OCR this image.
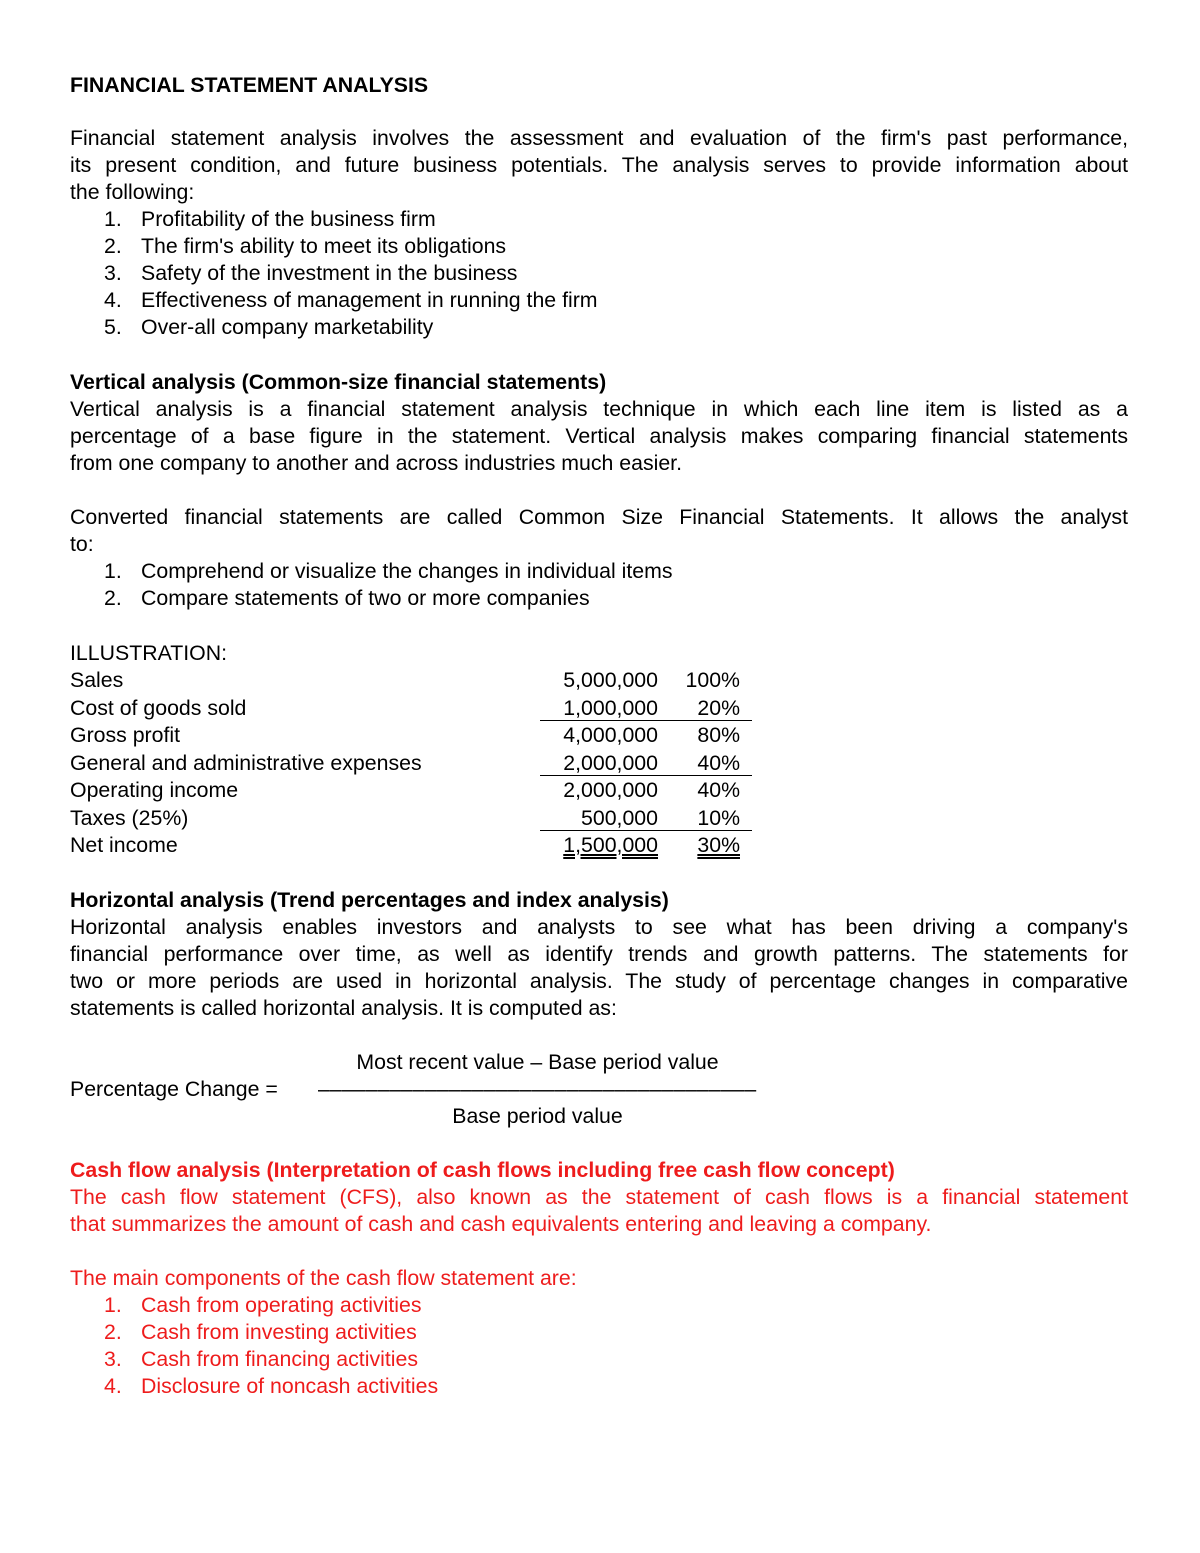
FINANCIAL STATEMENT ANALYSIS
Financial statement analysis involves the assessment and evaluation of the firm's past performance,
its present condition, and future business potentials. The analysis serves to provide information about
the following:
1. Profitability of the business firm
2. The firm's ability to meet its obligations
3. Safety of the investment in the business
4. Effectiveness of management in running the firm
5. Over-all company marketability
Vertical analysis (Common-size financial statements)
Vertical analysis is a financial statement analysis technique in which each line item is listed as a
percentage of a base figure in the statement. Vertical analysis makes comparing financial statements
from one company to another and across industries much easier.
Converted financial statements are called Common Size Financial Statements. It allows the analyst
to:
1. Comprehend or visualize the changes in individual items
2. Compare statements of two or more companies
ILLUSTRATION:
Sales	5,000,000	100%
Cost of goods sold	1,000,000	20%
Gross profit	4,000,000	80%
General and administrative expenses	2,000,000	40%
Operating income	2,000,000	40%
Taxes (25%)	500,000	10%
Net income	1,500,000	30%
Horizontal analysis (Trend percentages and index analysis)
Horizontal analysis enables investors and analysts to see what has been driving a company's
financial performance over time, as well as identify trends and growth patterns. The statements for
two or more periods are used in horizontal analysis. The study of percentage changes in comparative
statements is called horizontal analysis. It is computed as:
Most recent value – Base period value
Percentage Change = –––––––––––––––––––––––––––––––––––––
Base period value
Cash flow analysis (Interpretation of cash flows including free cash flow concept)
The cash flow statement (CFS), also known as the statement of cash flows is a financial statement
that summarizes the amount of cash and cash equivalents entering and leaving a company.
The main components of the cash flow statement are:
1. Cash from operating activities
2. Cash from investing activities
3. Cash from financing activities
4. Disclosure of noncash activities
